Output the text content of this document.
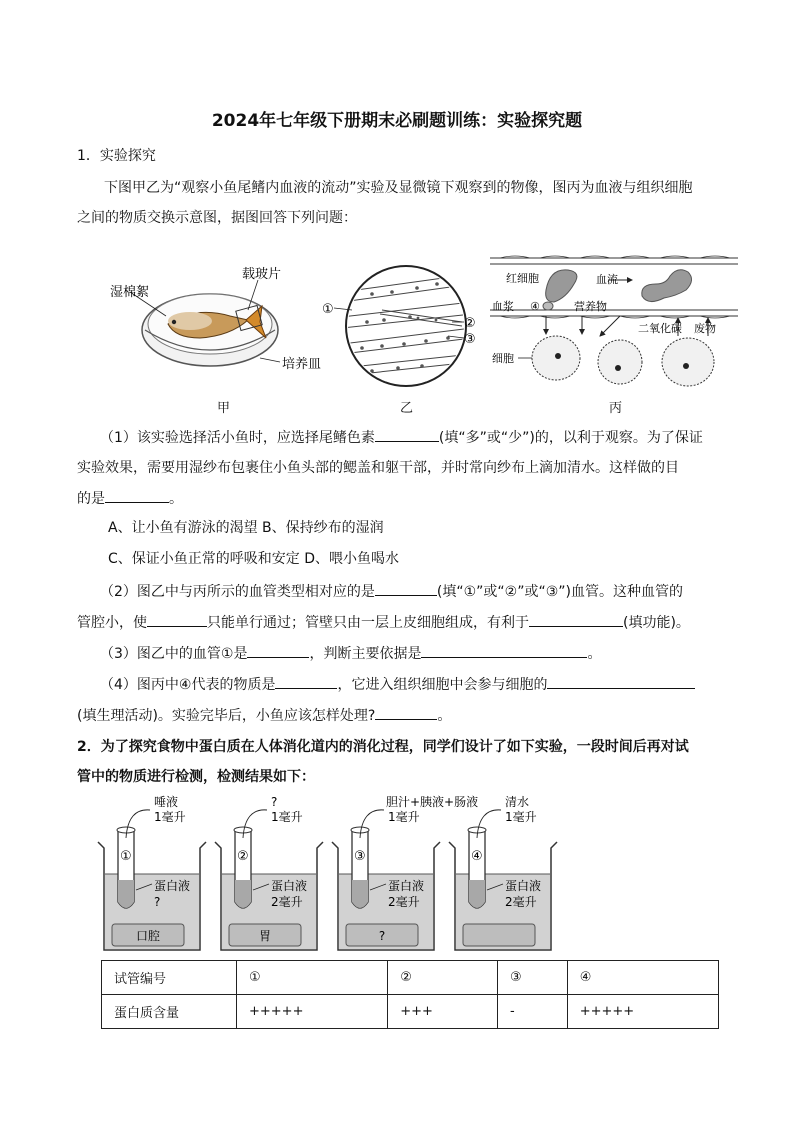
2024年七年级下册期末必刷题训练：实验探究题
1．实验探究
下图甲乙为“观察小鱼尾鳍内血液的流动”实验及显微镜下观察到的物像，图丙为血液与组织细胞
之间的物质交换示意图，据图回答下列问题：
湿棉絮
载玻片
培养皿
甲
①
②
③
乙
红细胞	血流
血浆 ④	营养物
二氧化碳 废物
细胞
丙
（1）该实验选择活小鱼时，应选择尾鳍色素	(填“多”或“少”)的，以利于观察。为了保证
实验效果，需要用湿纱布包裹住小鱼头部的鳃盖和躯干部，并时常向纱布上滴加清水。这样做的目
的是	。
A、让小鱼有游泳的渴望 B、保持纱布的湿润
C、保证小鱼正常的呼吸和安定 D、喂小鱼喝水
（2）图乙中与丙所示的血管类型相对应的是	(填“①”或“②”或“③”)血管。这种血管的
管腔小，使	只能单行通过；管壁只由一层上皮细胞组成，有利于	(填功能)。
（3）图乙中的血管①是	，判断主要依据是	。
（4）图丙中④代表的物质是	，它进入组织细胞中会参与细胞的
(填生理活动)。实验完毕后，小鱼应该怎样处理?	。
2．为了探究食物中蛋白质在人体消化道内的消化过程，同学们设计了如下实验，一段时间后再对试
管中的物质进行检测，检测结果如下：
唾液
1毫升
①
蛋白液
?
口腔
?
1毫升
②
蛋白液
2毫升
胃
胆汁+胰液+肠液
1毫升
③
蛋白液
2毫升
?
清水
1毫升
④
蛋白液
2毫升
试管编号	①	②	③	④
蛋白质含量	+++++	+++	-	+++++
